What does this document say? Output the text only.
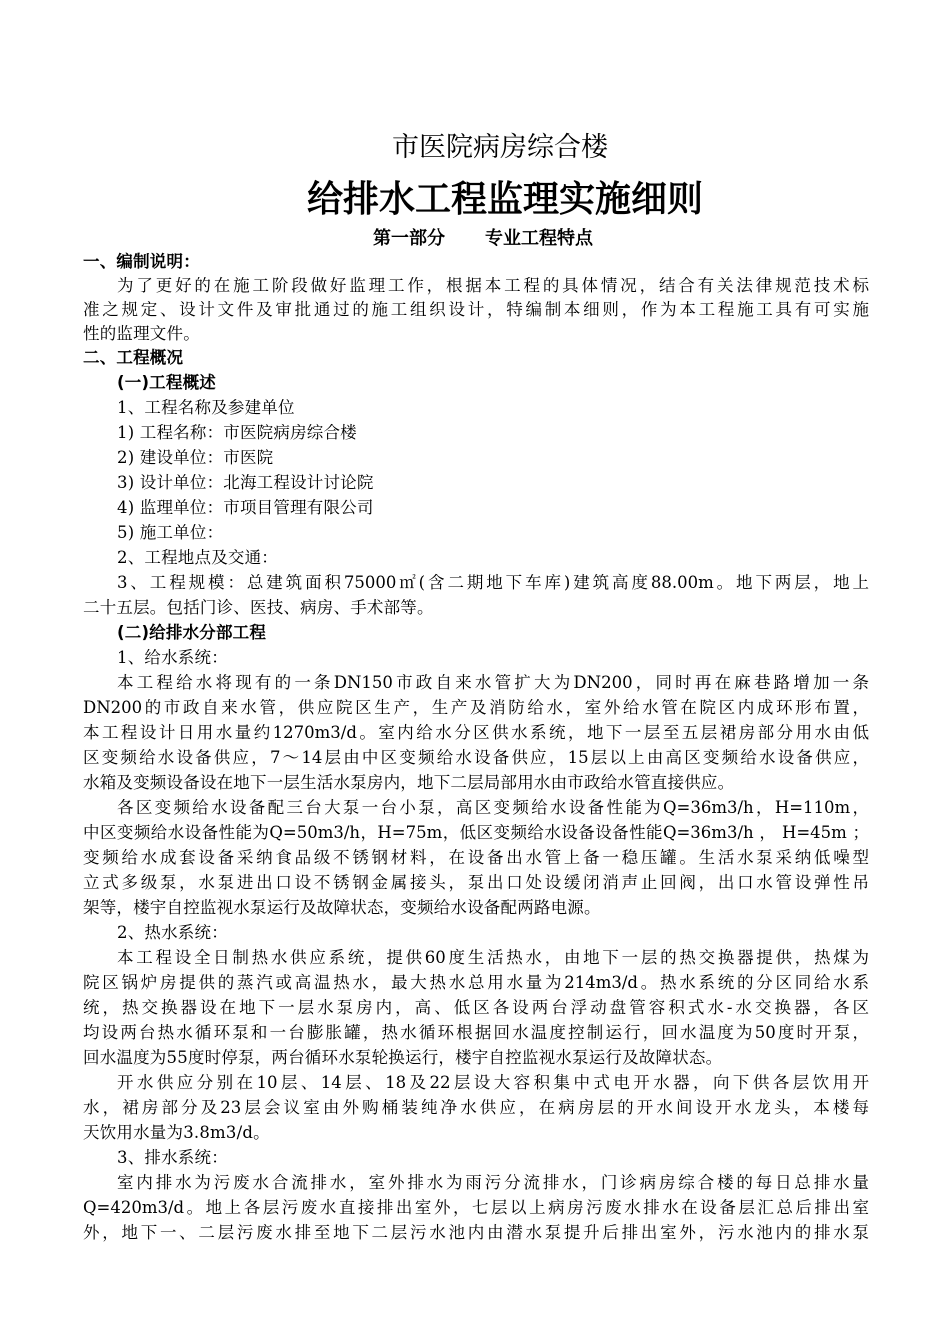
市医院病房综合楼
给排水工程监理实施细则
第一部分 专业工程特点
一、编制说明：
为了更好的在施工阶段做好监理工作，根据本工程的具体情况，结合有关法律规范技术标
准之规定、设计文件及审批通过的施工组织设计，特编制本细则，作为本工程施工具有可实施
性的监理文件。
二、工程概况
(一)工程概述
1、工程名称及参建单位
1) 工程名称：市医院病房综合楼
2) 建设单位：市医院
3) 设计单位：北海工程设计讨论院
4) 监理单位：市项目管理有限公司
5) 施工单位：
2、工程地点及交通：
3、工程规模：总建筑面积75000㎡(含二期地下车库)建筑高度88.00m。地下两层，地上
二十五层。包括门诊、医技、病房、手术部等。
(二)给排水分部工程
1、给水系统：
本工程给水将现有的一条DN150市政自来水管扩大为DN200，同时再在麻巷路增加一条
DN200的市政自来水管，供应院区生产，生产及消防给水，室外给水管在院区内成环形布置，
本工程设计日用水量约1270m3/d。室内给水分区供水系统，地下一层至五层裙房部分用水由低
区变频给水设备供应，7～14层由中区变频给水设备供应，15层以上由高区变频给水设备供应，
水箱及变频设备设在地下一层生活水泵房内，地下二层局部用水由市政给水管直接供应。
各区变频给水设备配三台大泵一台小泵，高区变频给水设备性能为Q=36m3/h，H=110m，
中区变频给水设备性能为Q=50m3/h，H=75m，低区变频给水设备设备性能Q=36m3/h ， H=45m ；
变频给水成套设备采纳食品级不锈钢材料，在设备出水管上备一稳压罐。生活水泵采纳低噪型
立式多级泵，水泵进出口设不锈钢金属接头，泵出口处设缓闭消声止回阀，出口水管设弹性吊
架等，楼宇自控监视水泵运行及故障状态，变频给水设备配两路电源。
2、热水系统：
本工程设全日制热水供应系统，提供60度生活热水，由地下一层的热交换器提供，热煤为
院区锅炉房提供的蒸汽或高温热水，最大热水总用水量为214m3/d。热水系统的分区同给水系
统，热交换器设在地下一层水泵房内，高、低区各设两台浮动盘管容积式水-水交换器，各区
均设两台热水循环泵和一台膨胀罐，热水循环根据回水温度控制运行，回水温度为50度时开泵，
回水温度为55度时停泵，两台循环水泵轮换运行，楼宇自控监视水泵运行及故障状态。
开水供应分别在10层、14层、18及22层设大容积集中式电开水器，向下供各层饮用开
水，裙房部分及23层会议室由外购桶装纯净水供应，在病房层的开水间设开水龙头，本楼每
天饮用水量为3.8m3/d。
3、排水系统：
室内排水为污废水合流排水，室外排水为雨污分流排水，门诊病房综合楼的每日总排水量
Q=420m3/d。地上各层污废水直接排出室外，七层以上病房污废水排水在设备层汇总后排出室
外，地下一、二层污废水排至地下二层污水池内由潜水泵提升后排出室外，污水池内的排水泵
